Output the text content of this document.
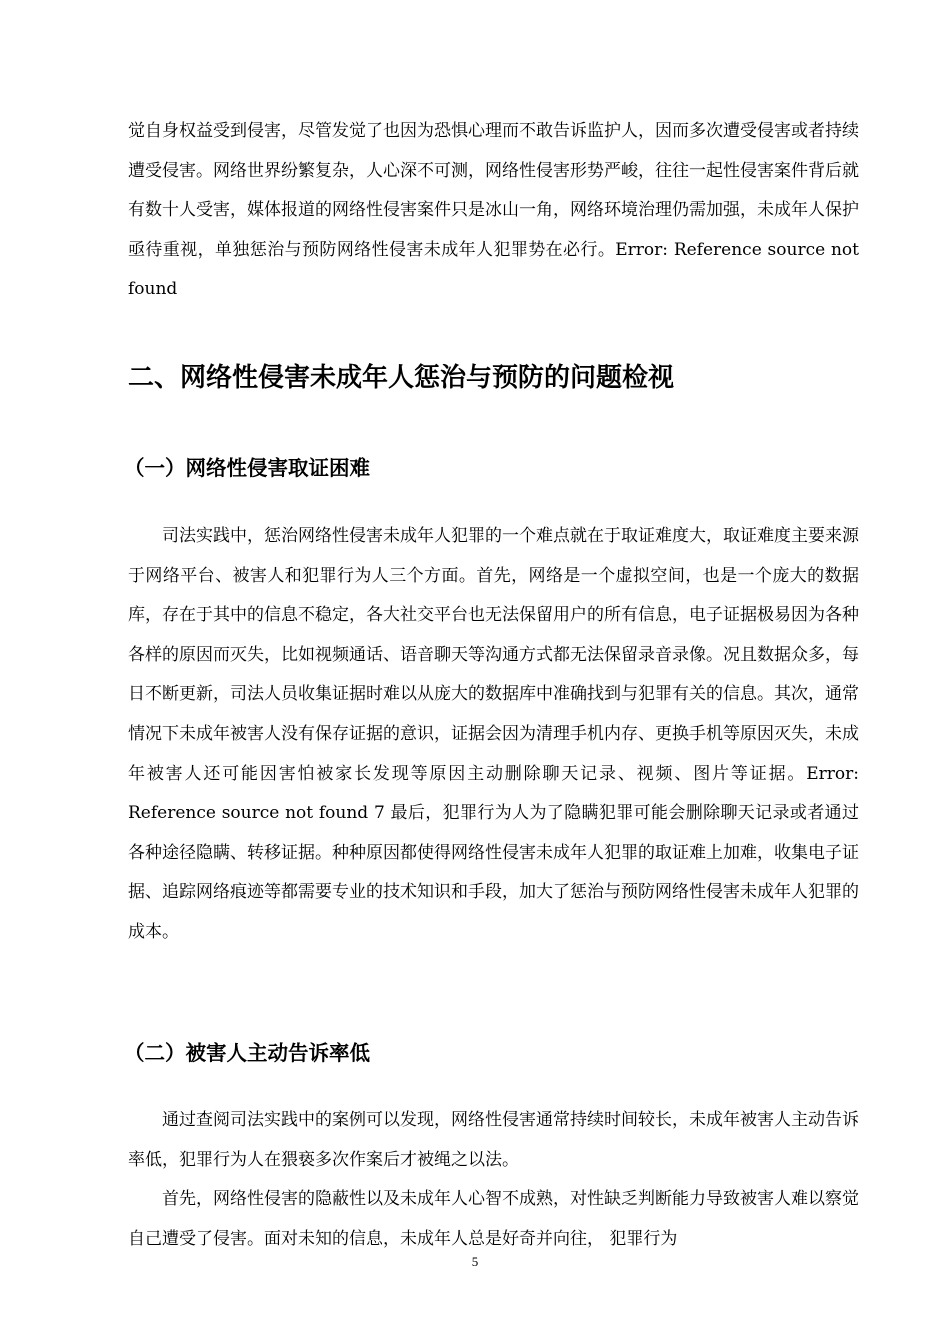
觉自身权益受到侵害，尽管发觉了也因为恐惧心理而不敢告诉监护人，因而多次遭受侵害或者持续遭受侵害。网络世界纷繁复杂，人心深不可测，网络性侵害形势严峻，往往一起性侵害案件背后就有数十人受害，媒体报道的网络性侵害案件只是冰山一角，网络环境治理仍需加强，未成年人保护亟待重视，单独惩治与预防网络性侵害未成年人犯罪势在必行。Error: Reference source not found

二、网络性侵害未成年人惩治与预防的问题检视
（一）网络性侵害取证困难

司法实践中，惩治网络性侵害未成年人犯罪的一个难点就在于取证难度大，取证难度主要来源于网络平台、被害人和犯罪行为人三个方面。首先，网络是一个虚拟空间，也是一个庞大的数据库，存在于其中的信息不稳定，各大社交平台也无法保留用户的所有信息，电子证据极易因为各种各样的原因而灭失，比如视频通话、语音聊天等沟通方式都无法保留录音录像。况且数据众多，每日不断更新，司法人员收集证据时难以从庞大的数据库中准确找到与犯罪有关的信息。其次，通常情况下未成年被害人没有保存证据的意识，证据会因为清理手机内存、更换手机等原因灭失，未成年被害人还可能因害怕被家长发现等原因主动删除聊天记录、视频、图片等证据。Error: Reference source not found 7 最后，犯罪行为人为了隐瞒犯罪可能会删除聊天记录或者通过各种途径隐瞒、转移证据。种种原因都使得网络性侵害未成年人犯罪的取证难上加难，收集电子证据、追踪网络痕迹等都需要专业的技术知识和手段，加大了惩治与预防网络性侵害未成年人犯罪的成本。

（二）被害人主动告诉率低

通过查阅司法实践中的案例可以发现，网络性侵害通常持续时间较长，未成年被害人主动告诉率低，犯罪行为人在猥亵多次作案后才被绳之以法。

首先，网络性侵害的隐蔽性以及未成年人心智不成熟，对性缺乏判断能力导致被害人难以察觉自己遭受了侵害。面对未知的信息，未成年人总是好奇并向往， 犯罪行为

5
